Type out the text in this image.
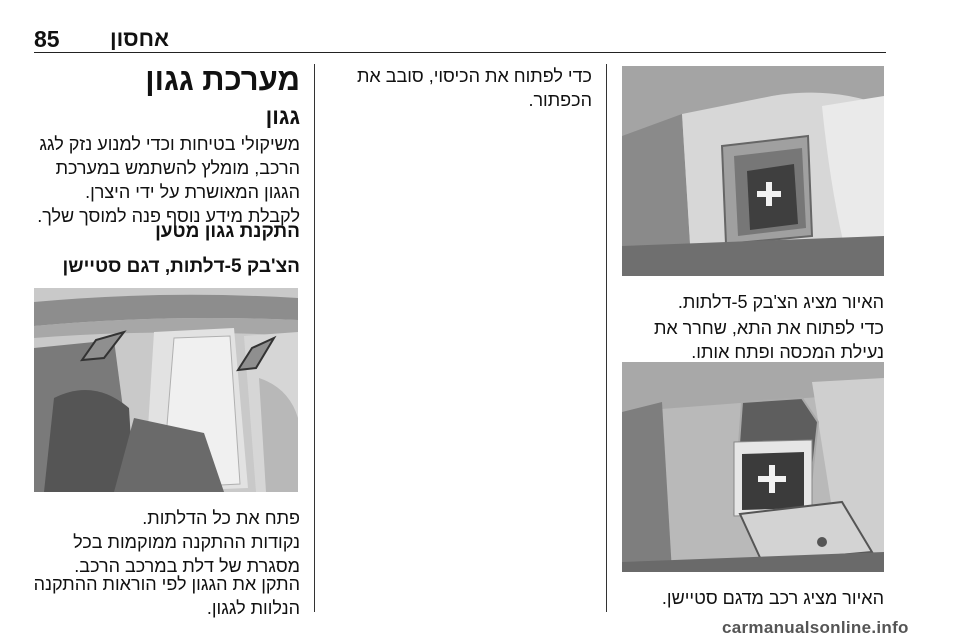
85 אחסון
מערכת גגון
גגון
משיקולי בטיחות וכדי למנוע נזק לגג הרכב, מומלץ להשתמש במערכת הגגון המאושרת על ידי היצרן. לקבלת מידע נוסף פנה למוסך שלך.
התקנת גגון מטען
הצ'בק 5-דלתות, דגם סטיישן
פתח את כל הדלתות.
נקודות ההתקנה ממוקמות בכל מסגרת של דלת במרכב הרכב.
התקן את הגגון לפי הוראות ההתקנה הנלוות לגגון.
כדי לפתוח את הכיסוי, סובב את הכפתור.
האיור מציג הצ'בק 5-דלתות.
כדי לפתוח את התא, שחרר את נעילת המכסה ופתח אותו.
האיור מציג רכב מדגם סטיישן.
carmanualsonline.info
